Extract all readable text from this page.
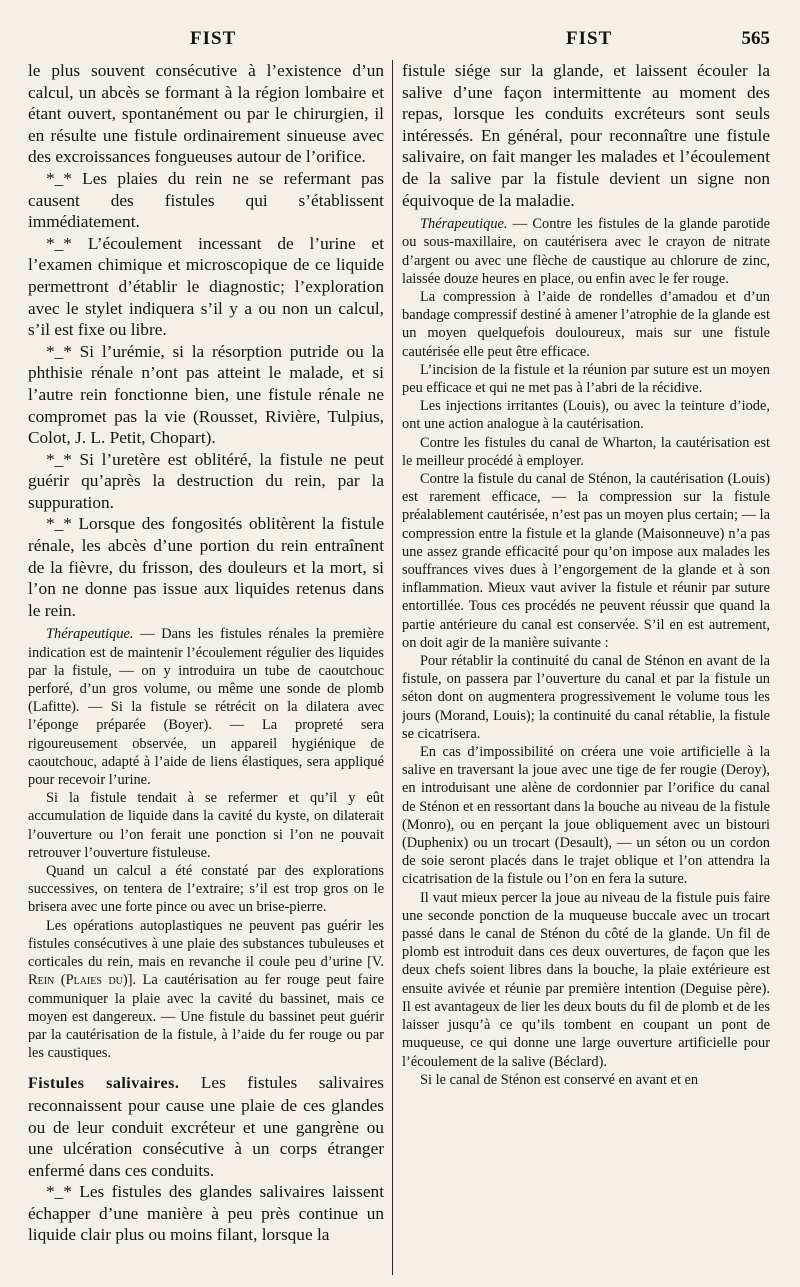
FIST	FIST	565

le plus souvent consécutive à l’existence d’un calcul, un abcès se formant à la région lombaire et étant ouvert, spontanément ou par le chirurgien, il en résulte une fistule ordinairement sinueuse avec des excroissances fongueuses autour de l’orifice.

*_* Les plaies du rein ne se refermant pas causent des fistules qui s’établissent immédiatement.

*_* L’écoulement incessant de l’urine et l’examen chimique et microscopique de ce liquide permettront d’établir le diagnostic; l’exploration avec le stylet indiquera s’il y a ou non un calcul, s’il est fixe ou libre.

*_* Si l’urémie, si la résorption putride ou la phthisie rénale n’ont pas atteint le malade, et si l’autre rein fonctionne bien, une fistule rénale ne compromet pas la vie (Rousset, Rivière, Tulpius, Colot, J. L. Petit, Chopart).

*_* Si l’uretère est oblitéré, la fistule ne peut guérir qu’après la destruction du rein, par la suppuration.

*_* Lorsque des fongosités oblitèrent la fistule rénale, les abcès d’une portion du rein entraînent de la fièvre, du frisson, des douleurs et la mort, si l’on ne donne pas issue aux liquides retenus dans le rein.

Thérapeutique. — Dans les fistules rénales la première indication est de maintenir l’écoulement régulier des liquides par la fistule, — on y introduira un tube de caoutchouc perforé, d’un gros volume, ou même une sonde de plomb (Lafitte). — Si la fistule se rétrécit on la dilatera avec l’éponge préparée (Boyer). — La propreté sera rigoureusement observée, un appareil hygiénique de caoutchouc, adapté à l’aide de liens élastiques, sera appliqué pour recevoir l’urine.

Si la fistule tendait à se refermer et qu’il y eût accumulation de liquide dans la cavité du kyste, on dilaterait l’ouverture ou l’on ferait une ponction si l’on ne pouvait retrouver l’ouverture fistuleuse.

Quand un calcul a été constaté par des explorations successives, on tentera de l’extraire; s’il est trop gros on le brisera avec une forte pince ou avec un brise-pierre.

Les opérations autoplastiques ne peuvent pas guérir les fistules consécutives à une plaie des substances tubuleuses et corticales du rein, mais en revanche il coule peu d’urine [V. Rein (Plaies du)]. La cautérisation au fer rouge peut faire communiquer la plaie avec la cavité du bassinet, mais ce moyen est dangereux. — Une fistule du bassinet peut guérir par la cautérisation de la fistule, à l’aide du fer rouge ou par les caustiques.

Fistules salivaires. Les fistules salivaires reconnaissent pour cause une plaie de ces glandes ou de leur conduit excréteur et une gangrène ou une ulcération consécutive à un corps étranger enfermé dans ces conduits.

*_* Les fistules des glandes salivaires laissent échapper d’une manière à peu près continue un liquide clair plus ou moins filant, lorsque la

fistule siége sur la glande, et laissent écouler la salive d’une façon intermittente au moment des repas, lorsque les conduits excréteurs sont seuls intéressés. En général, pour reconnaître une fistule salivaire, on fait manger les malades et l’écoulement de la salive par la fistule devient un signe non équivoque de la maladie.

Thérapeutique. — Contre les fistules de la glande parotide ou sous-maxillaire, on cautérisera avec le crayon de nitrate d’argent ou avec une flèche de caustique au chlorure de zinc, laissée douze heures en place, ou enfin avec le fer rouge.

La compression à l’aide de rondelles d’amadou et d’un bandage compressif destiné à amener l’atrophie de la glande est un moyen quelquefois douloureux, mais sur une fistule cautérisée elle peut être efficace.

L’incision de la fistule et la réunion par suture est un moyen peu efficace et qui ne met pas à l’abri de la récidive.

Les injections irritantes (Louis), ou avec la teinture d’iode, ont une action analogue à la cautérisation.

Contre les fistules du canal de Wharton, la cautérisation est le meilleur procédé à employer.

Contre la fistule du canal de Sténon, la cautérisation (Louis) est rarement efficace, — la compression sur la fistule préalablement cautérisée, n’est pas un moyen plus certain; — la compression entre la fistule et la glande (Maisonneuve) n’a pas une assez grande efficacité pour qu’on impose aux malades les souffrances vives dues à l’engorgement de la glande et à son inflammation. Mieux vaut aviver la fistule et réunir par suture entortillée. Tous ces procédés ne peuvent réussir que quand la partie antérieure du canal est conservée. S’il en est autrement, on doit agir de la manière suivante :

Pour rétablir la continuité du canal de Sténon en avant de la fistule, on passera par l’ouverture du canal et par la fistule un séton dont on augmentera progressivement le volume tous les jours (Morand, Louis); la continuité du canal rétablie, la fistule se cicatrisera.

En cas d’impossibilité on créera une voie artificielle à la salive en traversant la joue avec une tige de fer rougie (Deroy), en introduisant une alène de cordonnier par l’orifice du canal de Sténon et en ressortant dans la bouche au niveau de la fistule (Monro), ou en perçant la joue obliquement avec un bistouri (Duphenix) ou un trocart (Desault), — un séton ou un cordon de soie seront placés dans le trajet oblique et l’on attendra la cicatrisation de la fistule ou l’on en fera la suture.

Il vaut mieux percer la joue au niveau de la fistule puis faire une seconde ponction de la muqueuse buccale avec un trocart passé dans le canal de Sténon du côté de la glande. Un fil de plomb est introduit dans ces deux ouvertures, de façon que les deux chefs soient libres dans la bouche, la plaie extérieure est ensuite avivée et réunie par première intention (Deguise père). Il est avantageux de lier les deux bouts du fil de plomb et de les laisser jusqu’à ce qu’ils tombent en coupant un pont de muqueuse, ce qui donne une large ouverture artificielle pour l’écoulement de la salive (Béclard).

Si le canal de Sténon est conservé en avant et en
